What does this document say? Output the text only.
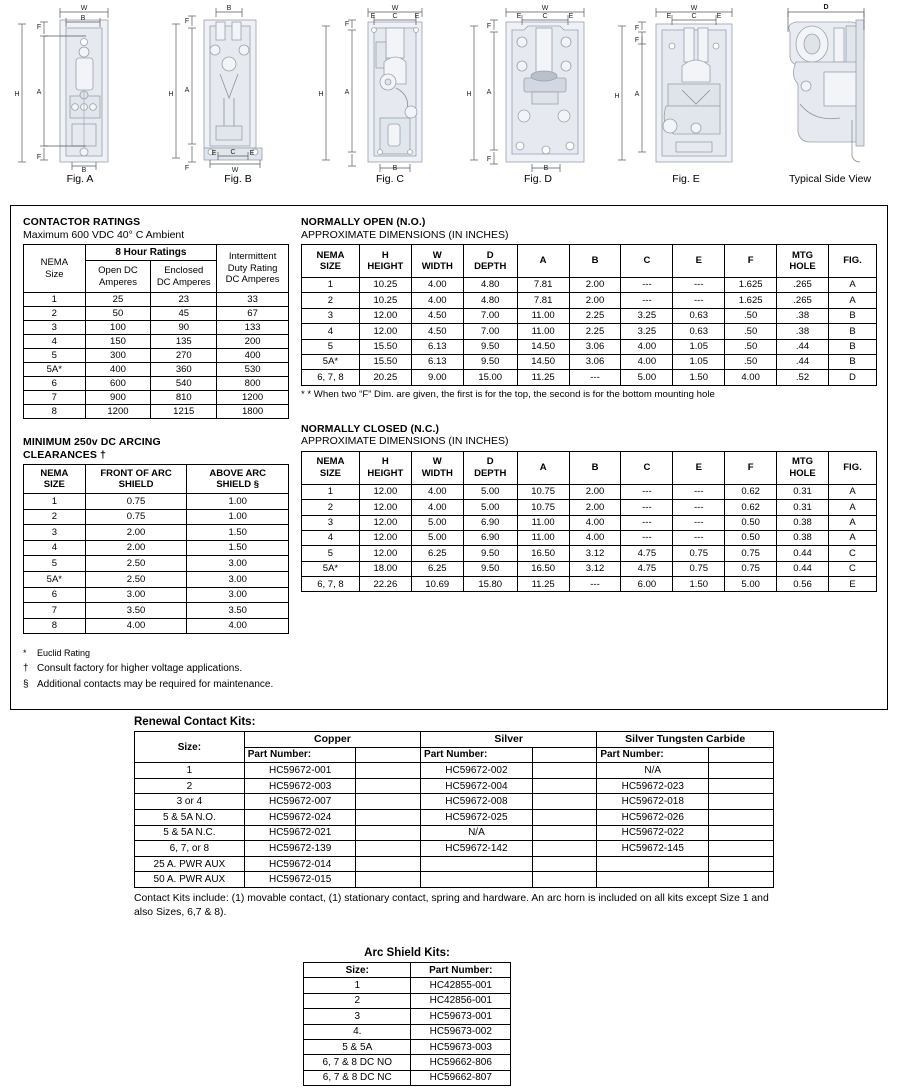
W
B
H A
F
F
B
Fig. A
B
H
A
F
F
C
E	E
W
Fig. B
W
C
E	E
H	A
F
B
Fig. C
W
C
E	E
H A
F
F
B
Fig. D
W
C
E	E
H A
F
F
Fig. E
D
Typical Side View
CONTACTOR RATINGS
Maximum 600 VDC 40° C Ambient
NEMA
Size
	8 Hour Ratings	Intermittent
Duty Rating
DC Amperes

Open DC
Amperes

Enclosed
DC Amperes

1	25	23	33
2	50	45	67
3	100	90	133
4	150	135	200
5	300	270	400
5A*	400	360	530
6	600	540	800
7	900	810	1200
8	1200	1215	1800
MINIMUM 250v DC ARCING
CLEARANCES †
NEMA
SIZE

FRONT OF ARC
SHIELD

ABOVE ARC
SHIELD §

1	0.75	1.00
2	0.75	1.00
3	2.00	1.50
4	2.00	1.50
5	2.50	3.00
5A*	2.50	3.00
6	3.00	3.00
7	3.50	3.50
8	4.00	4.00
*	Euclid Rating
† Consult factory for higher voltage applications.
§ Additional contacts may be required for maintenance.
NORMALLY OPEN (N.O.)
APPROXIMATE DIMENSIONS (IN INCHES)
NEMA
SIZE

H
HEIGHT

W
WIDTH

D
DEPTH
	A	B	C	E	F	
MTG
HOLE
	FIG.
1	10.25	4.00	4.80	7.81	2.00	---	---	1.625	.265	A
2	10.25	4.00	4.80	7.81	2.00	---	---	1.625	.265	A
3	12.00	4.50	7.00	11.00	2.25	3.25	0.63	.50	.38	B
4	12.00	4.50	7.00	11.00	2.25	3.25	0.63	.50	.38	B
5	15.50	6.13	9.50	14.50	3.06	4.00	1.05	.50	.44	B
5A*	15.50	6.13	9.50	14.50	3.06	4.00	1.05	.50	.44	B
6, 7, 8	20.25	9.00	15.00	11.25	---	5.00	1.50	4.00	.52	D
* * When two “F” Dim. are given, the first is for the top, the second is for the bottom mounting hole
NORMALLY CLOSED (N.C.)
APPROXIMATE DIMENSIONS (IN INCHES)
NEMA
SIZE

H
HEIGHT

W
WIDTH

D
DEPTH
	A	B	C	E	F	
MTG
HOLE
	FIG.
1	12.00	4.00	5.00	10.75	2.00	---	---	0.62	0.31	A
2	12.00	4.00	5.00	10.75	2.00	---	---	0.62	0.31	A
3	12.00	5.00	6.90	11.00	4.00	---	---	0.50	0.38	A
4	12.00	5.00	6.90	11.00	4.00	---	---	0.50	0.38	A
5	12.00	6.25	9.50	16.50	3.12	4.75	0.75	0.75	0.44	C
5A*	18.00	6.25	9.50	16.50	3.12	4.75	0.75	0.75	0.44	C
6, 7, 8	22.26	10.69	15.80	11.25	---	6.00	1.50	5.00	0.56	E
Renewal Contact Kits:
Size:	Copper		Silver		Silver Tungsten Carbide	
	Part Number:		Part Number:		Part Number:	
1	HC59672-001		HC59672-002		N/A	
2	HC59672-003		HC59672-004		HC59672-023	
3 or 4	HC59672-007		HC59672-008		HC59672-018	
5 & 5A N.O.	HC59672-024		HC59672-025		HC59672-026	
5 & 5A N.C.	HC59672-021		N/A		HC59672-022	
6, 7, or 8	HC59672-139		HC59672-142		HC59672-145	
25 A. PWR AUX	HC59672-014					
50 A. PWR AUX	HC59672-015					
Contact Kits include: (1) movable contact, (1) stationary contact, spring and hardware. An arc horn is included on all kits except Size 1 and also Sizes, 6,7 & 8).
Arc Shield Kits:
Size:	Part Number:
1	HC42855-001
2	HC42856-001
3	HC59673-001
4.	HC59673-002
5 & 5A	HC59673-003
6, 7 & 8 DC NO	HC59662-806
6, 7 & 8 DC NC	HC59662-807
